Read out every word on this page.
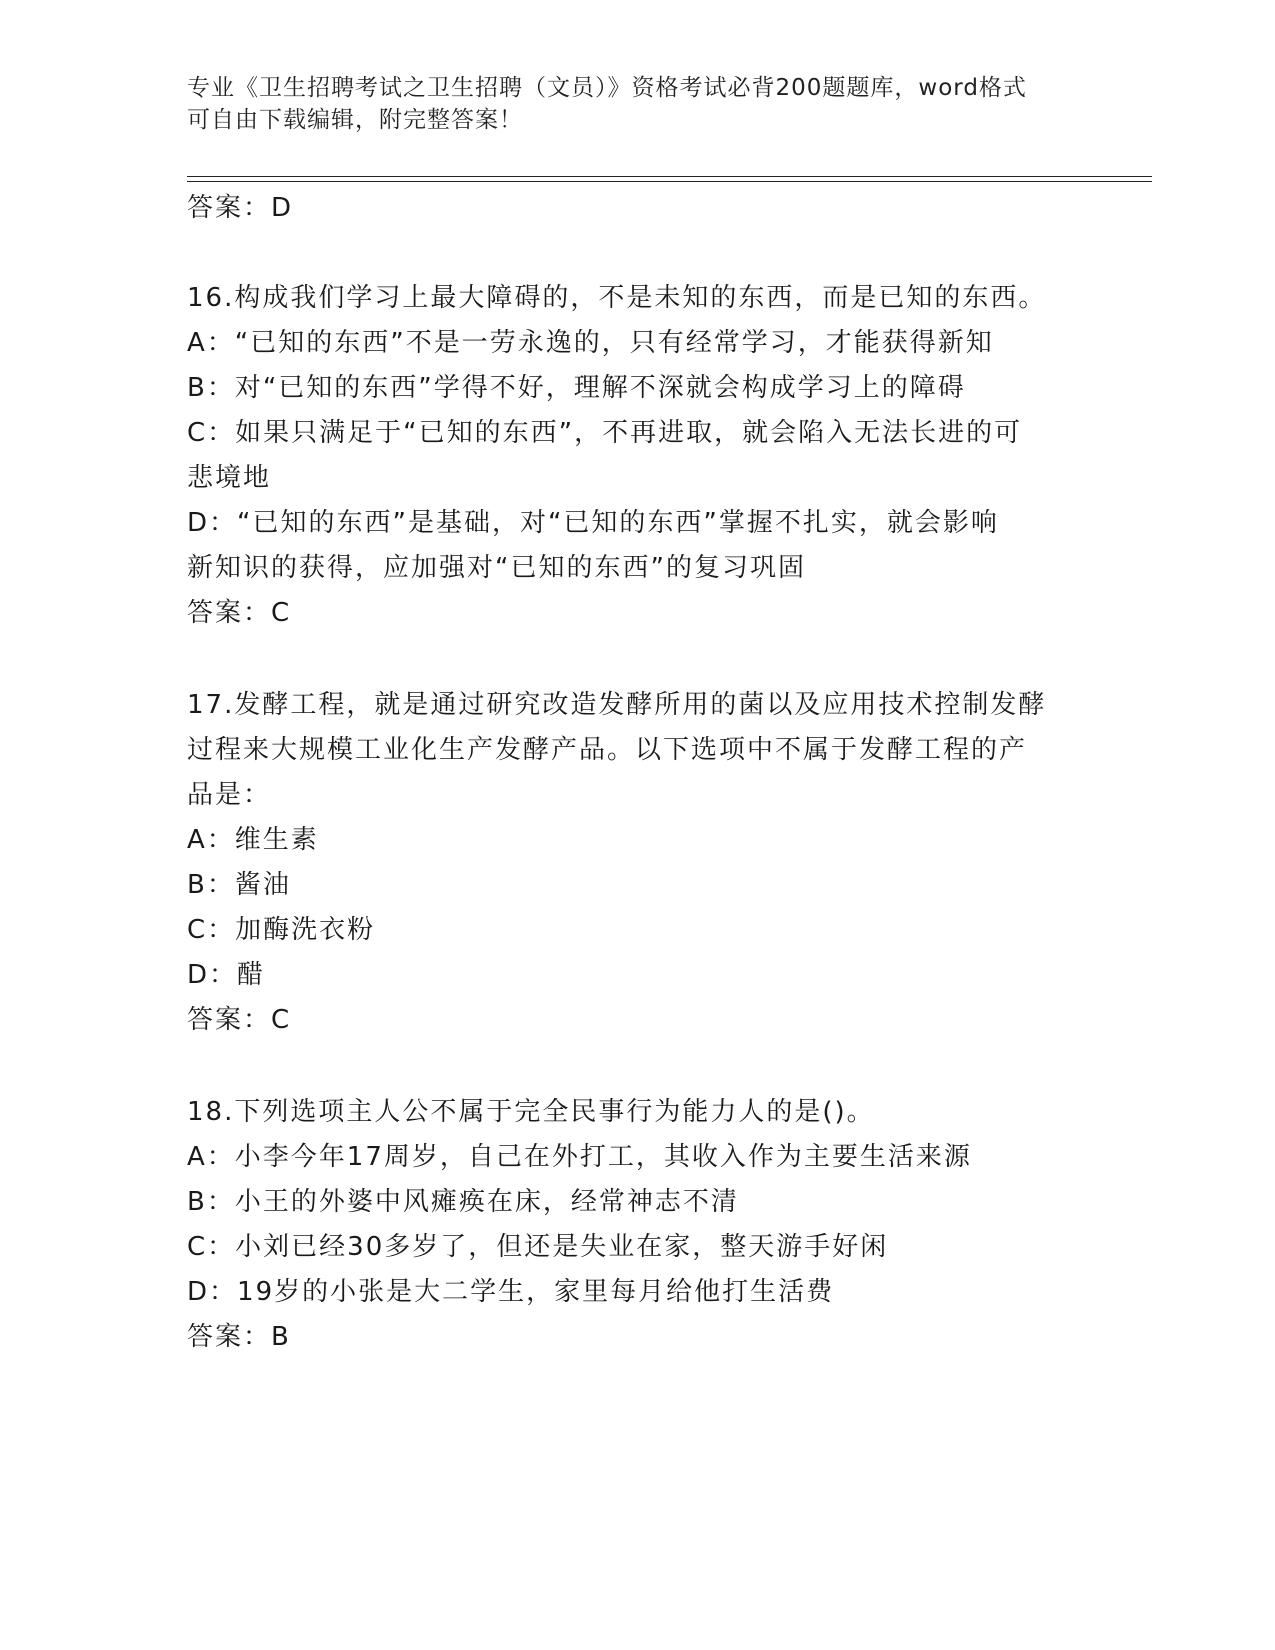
专业《卫生招聘考试之卫生招聘（文员）》资格考试必背200题题库，word格式
可自由下载编辑，附完整答案！
答案：D
16.构成我们学习上最大障碍的，不是未知的东西，而是已知的东西。
A：“已知的东西”不是一劳永逸的，只有经常学习，才能获得新知
B：对“已知的东西”学得不好，理解不深就会构成学习上的障碍
C：如果只满足于“已知的东西”，不再进取，就会陷入无法长进的可
悲境地
D：“已知的东西”是基础，对“已知的东西”掌握不扎实，就会影响
新知识的获得，应加强对“已知的东西”的复习巩固
答案：C
17.发酵工程，就是通过研究改造发酵所用的菌以及应用技术控制发酵
过程来大规模工业化生产发酵产品。以下选项中不属于发酵工程的产
品是：
A：维生素
B：酱油
C：加酶洗衣粉
D：醋
答案：C
18.下列选项主人公不属于完全民事行为能力人的是()。
A：小李今年17周岁，自己在外打工，其收入作为主要生活来源
B：小王的外婆中风瘫痪在床，经常神志不清
C：小刘已经30多岁了，但还是失业在家，整天游手好闲
D：19岁的小张是大二学生，家里每月给他打生活费
答案：B
